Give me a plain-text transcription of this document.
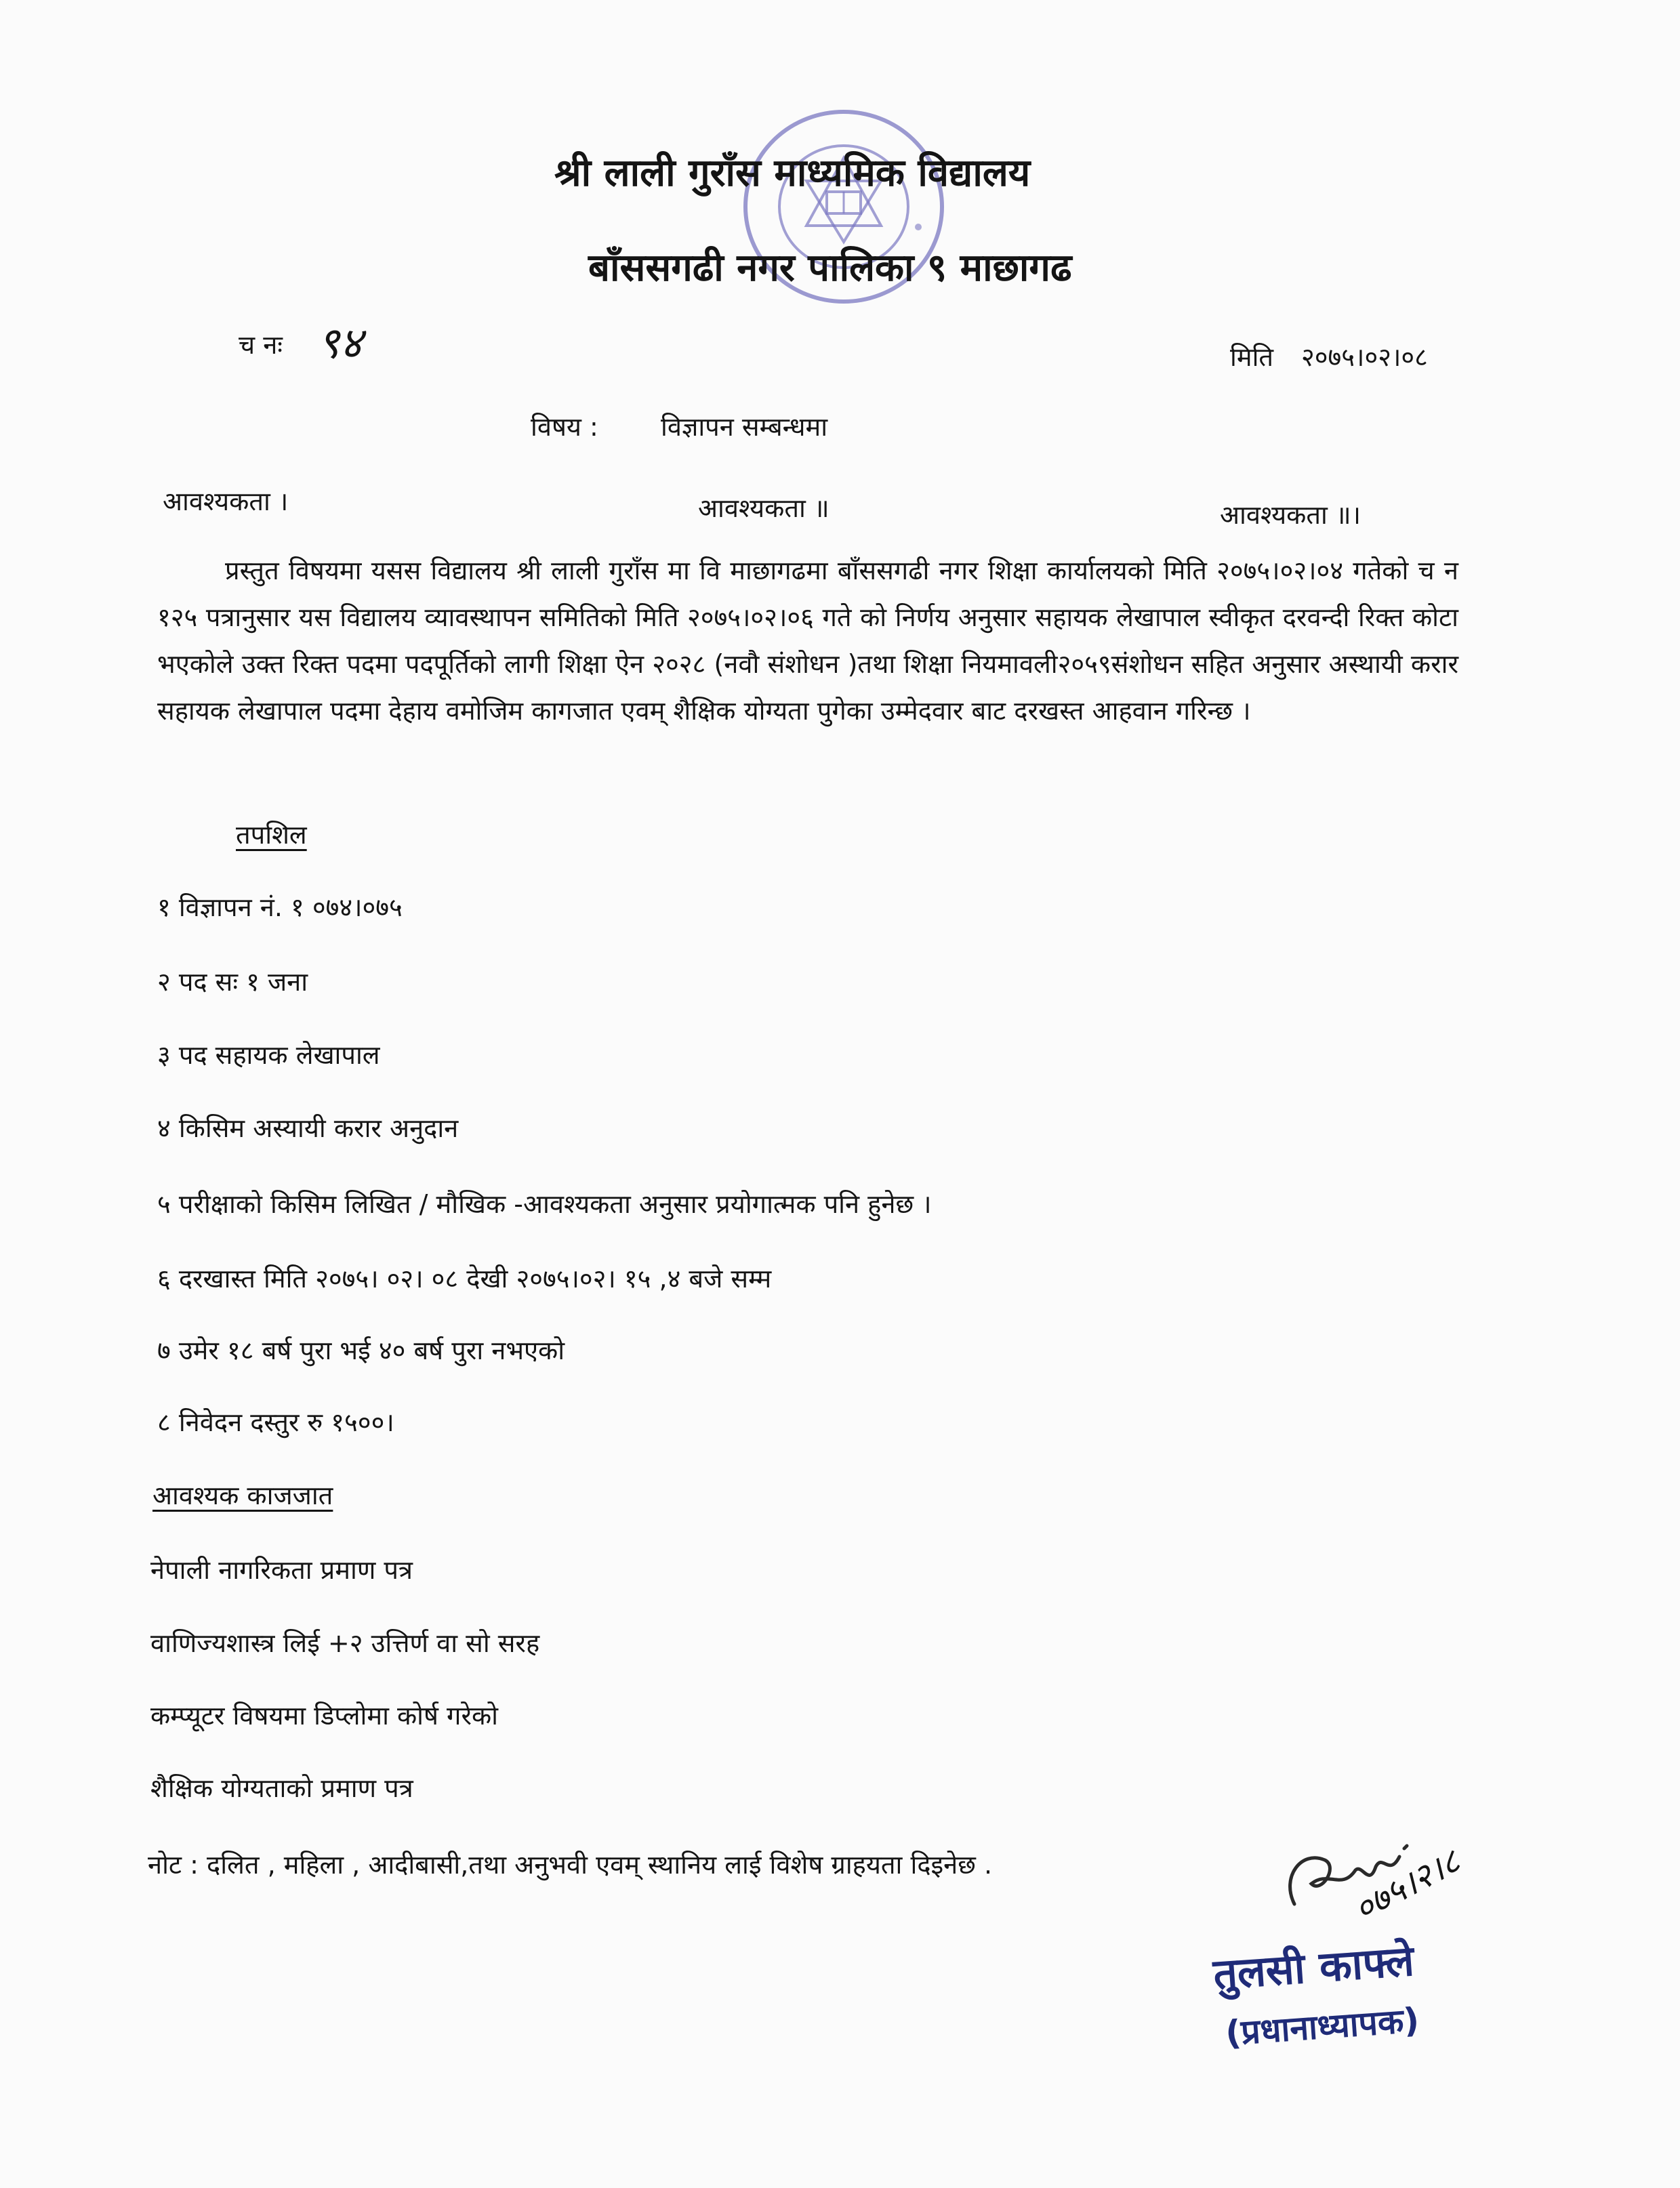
श्री लाली गुराँस माध्यमिक विद्यालय
बाँससगढी नगर पालिका ९ माछागढ
च नः ९४	मिति २०७५।०२।०८
विषय : विज्ञापन सम्बन्धमा
आवश्यकता ।	आवश्यकता ॥	आवश्यकता ॥।
प्रस्तुत विषयमा यसस विद्यालय श्री लाली गुराँस मा वि माछागढमा बाँससगढी नगर शिक्षा कार्यालयको मिति २०७५।०२।०४ गतेको च न १२५ पत्रानुसार यस विद्यालय व्यावस्थापन समितिको मिति २०७५।०२।०६ गते को निर्णय अनुसार सहायक लेखापाल स्वीकृत दरवन्दी रिक्त कोटा भएकोले उक्त रिक्त पदमा पदपूर्तिको लागी शिक्षा ऐन २०२८ (नवौ संशोधन )तथा शिक्षा नियमावली२०५९संशोधन सहित अनुसार अस्थायी करार सहायक लेखापाल पदमा देहाय वमोजिम कागजात एवम् शैक्षिक योग्यता पुगेका उम्मेदवार बाट दरखस्त आहवान गरिन्छ ।
तपशिल
१ विज्ञापन नं. १ ०७४।०७५
२ पद सः १ जना
३ पद सहायक लेखापाल
४ किसिम अस्यायी करार अनुदान
५ परीक्षाको किसिम लिखित / मौखिक -आवश्यकता अनुसार प्रयोगात्मक पनि हुनेछ ।
६ दरखास्त मिति २०७५। ०२। ०८ देखी २०७५।०२। १५ ,४ बजे सम्म
७ उमेर १८ बर्ष पुरा भई ४० बर्ष पुरा नभएको
८ निवेदन दस्तुर रु १५००।
आवश्यक काजजात
नेपाली नागरिकता प्रमाण पत्र
वाणिज्यशास्त्र लिई +२ उत्तिर्ण वा सो सरह
कम्प्यूटर विषयमा डिप्लोमा कोर्ष गरेको
शैक्षिक योग्यताको प्रमाण पत्र
नोट : दलित , महिला , आदीबासी,तथा अनुभवी एवम् स्थानिय लाई विशेष ग्राहयता दिइनेछ .	०७५।२।८
तुलसी काफ्ले
(प्रधानाध्यापक)
